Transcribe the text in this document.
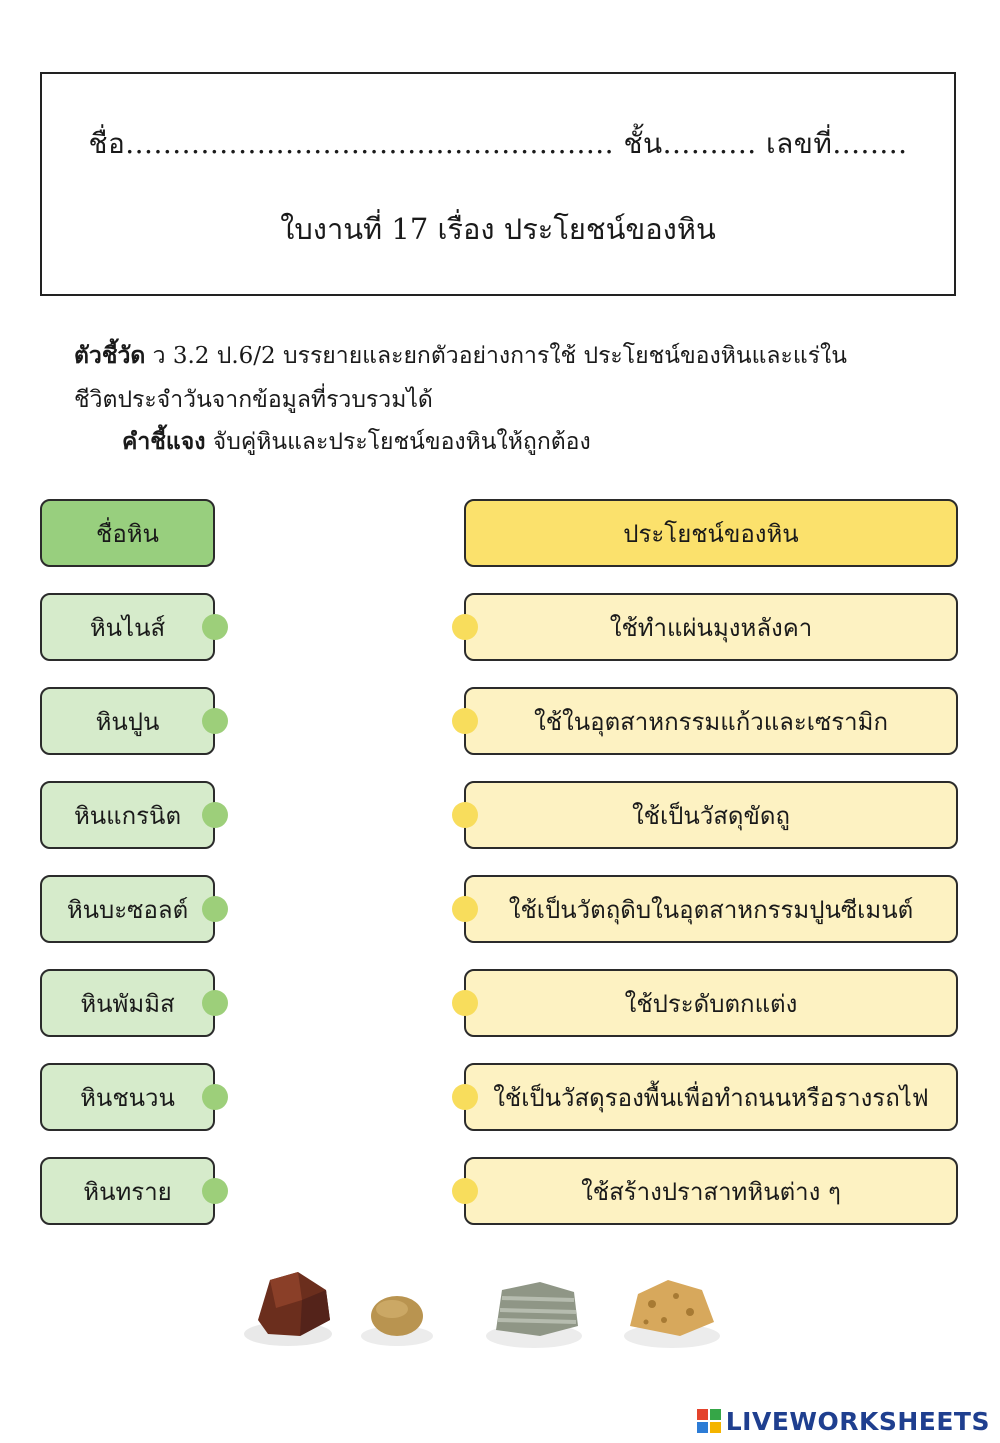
ชื่อ.................................................... ชั้น.......... เลขที่........
ใบงานที่ 17 เรื่อง ประโยชน์ของหิน
ตัวชี้วัด ว 3.2 ป.6/2 บรรยายและยกตัวอย่างการใช้ ประโยชน์ของหินและแร่ใน ชีวิตประจำวันจากข้อมูลที่รวบรวมได้
คำชี้แจง จับคู่หินและประโยชน์ของหินให้ถูกต้อง
ชื่อหิน	ประโยชน์ของหิน
หินไนส์
หินปูน
หินแกรนิต
หินบะซอลต์
หินพัมมิส
หินชนวน
หินทราย
ใช้ทำแผ่นมุงหลังคา
ใช้ในอุตสาหกรรมแก้วและเซรามิก
ใช้เป็นวัสดุขัดถู
ใช้เป็นวัตถุดิบในอุตสาหกรรมปูนซีเมนต์
ใช้ประดับตกแต่ง
ใช้เป็นวัสดุรองพื้นเพื่อทำถนนหรือรางรถไฟ
ใช้สร้างปราสาทหินต่าง ๆ
LIVEWORKSHEETS
